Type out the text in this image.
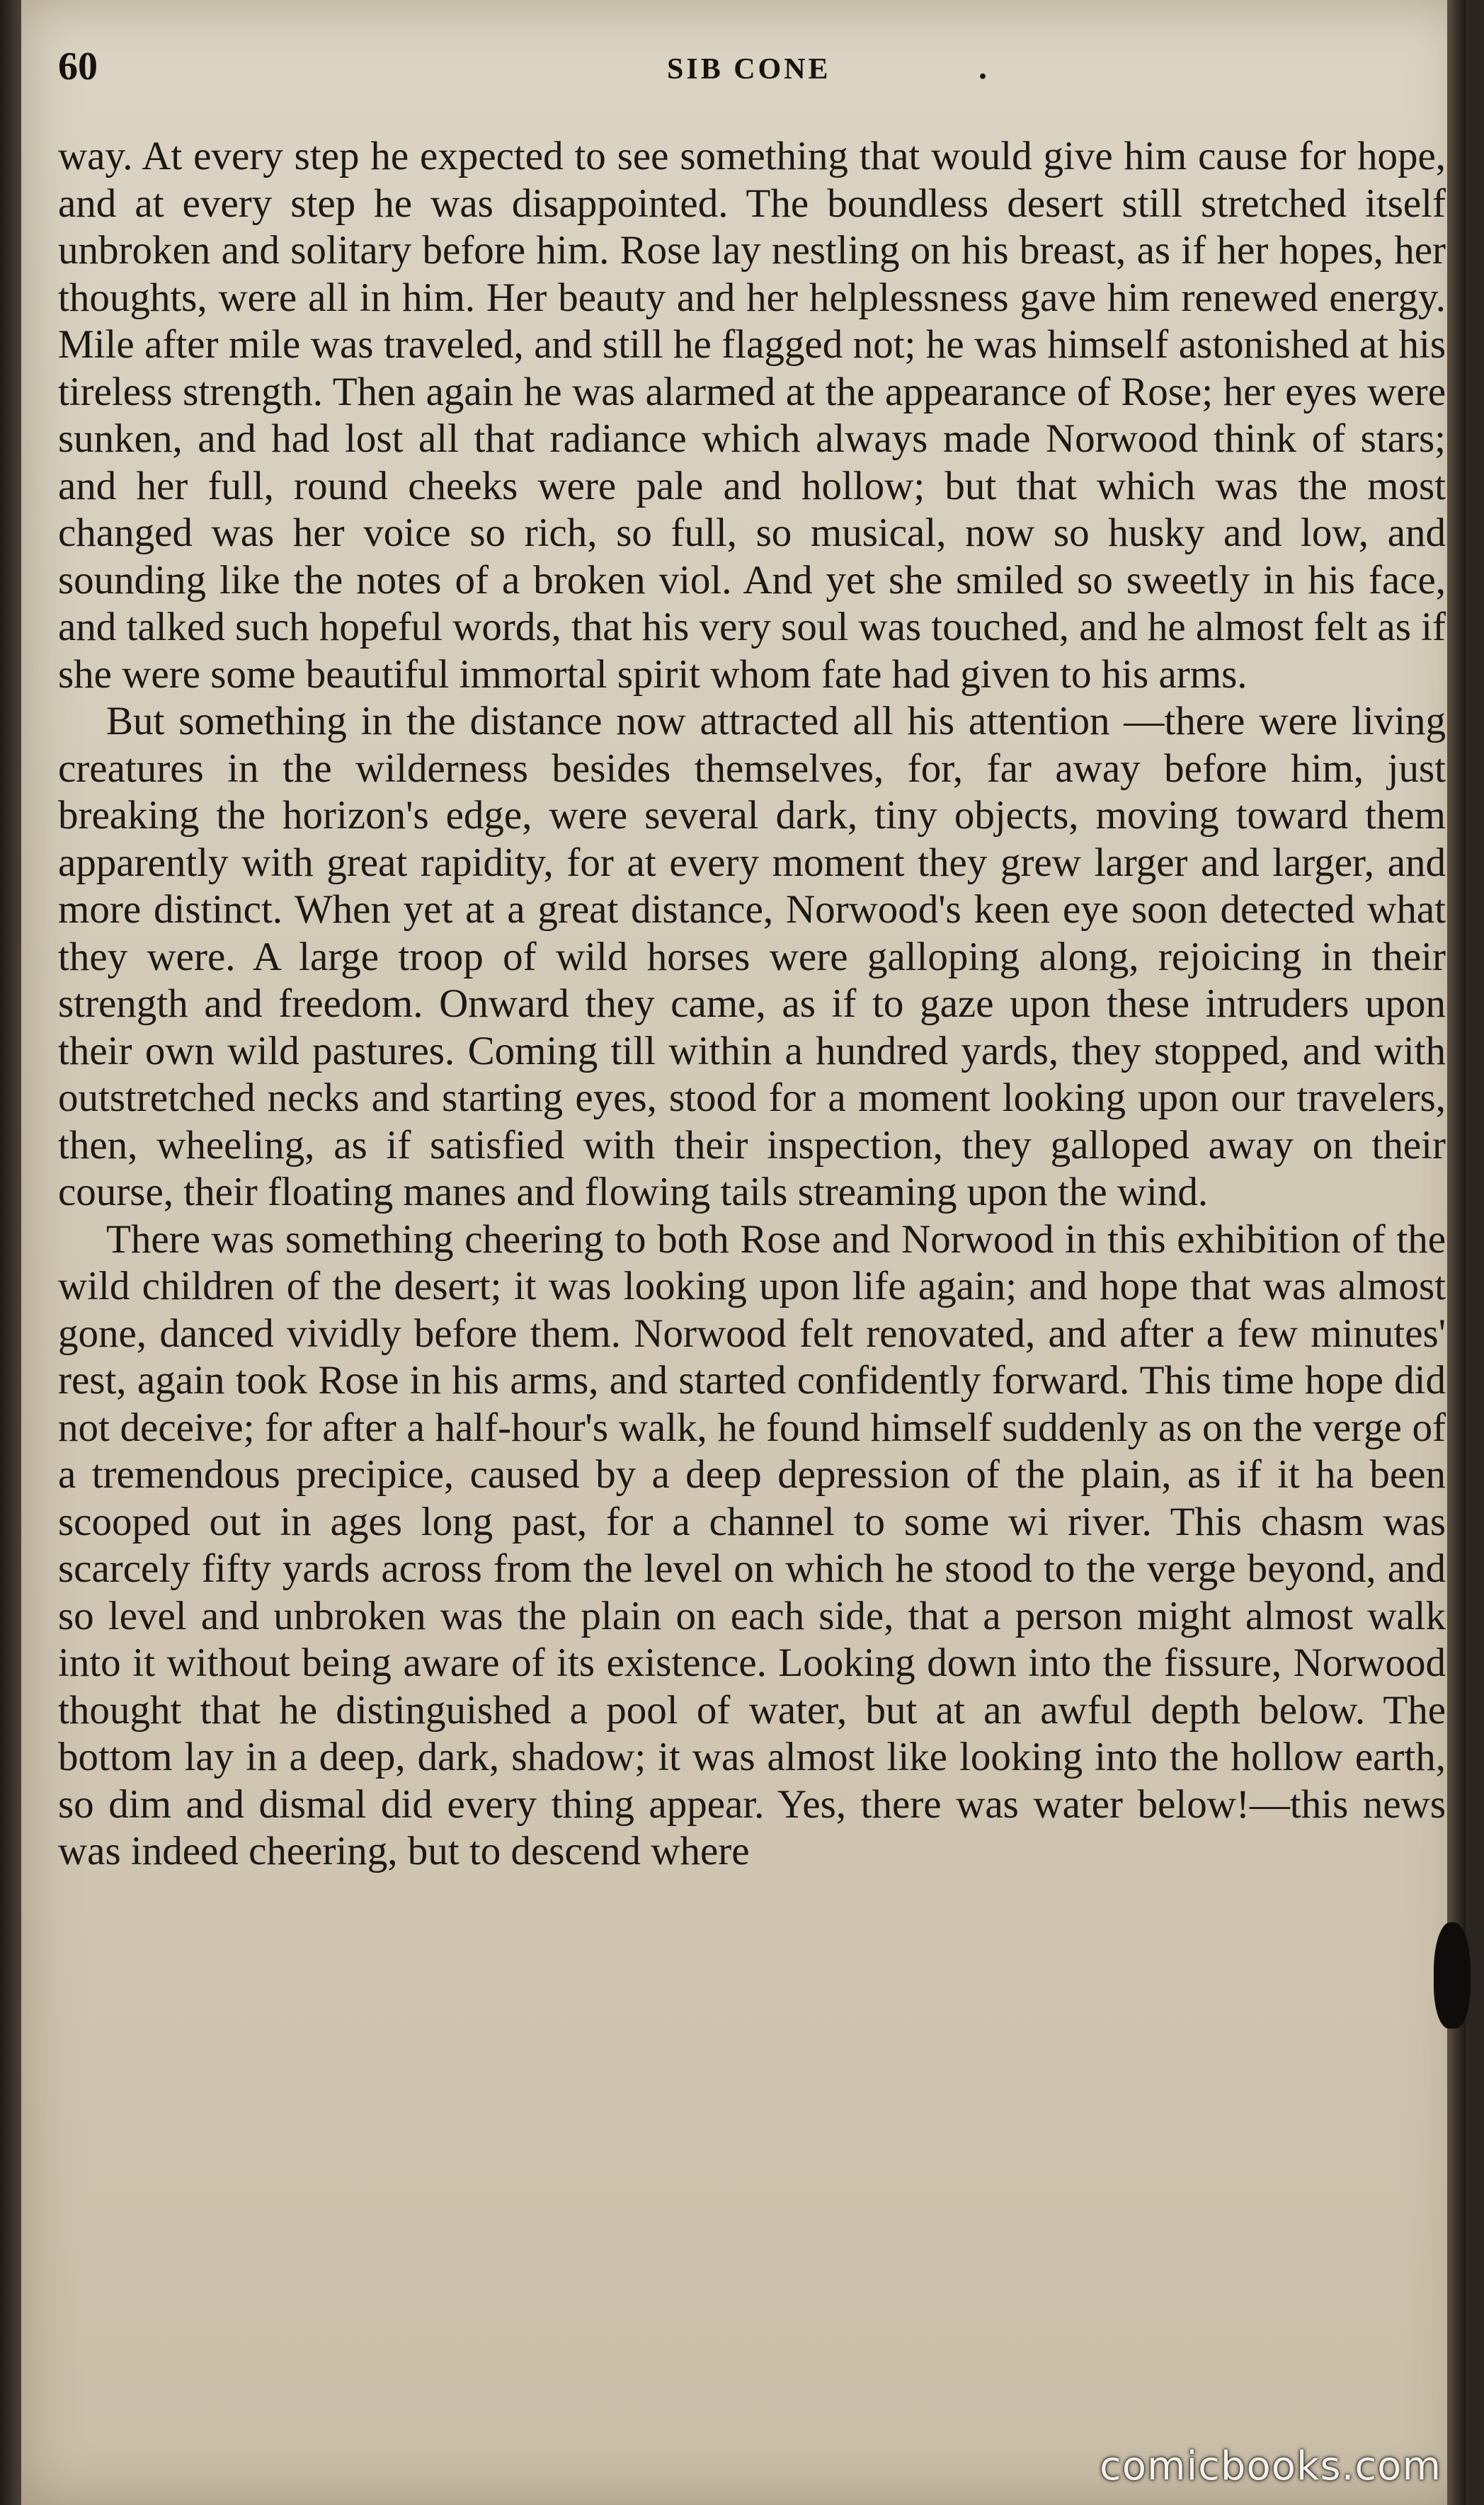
60	SIB CONE	.

way. At every step he expected to see something that would give him cause for hope, and at every step he was disappointed. The boundless desert still stretched itself unbroken and solitary before him. Rose lay nestling on his breast, as if her hopes, her thoughts, were all in him. Her beauty and her helplessness gave him renewed energy. Mile after mile was traveled, and still he flagged not; he was himself astonished at his tireless strength. Then again he was alarmed at the appearance of Rose; her eyes were sunken, and had lost all that radiance which always made Norwood think of stars; and her full, round cheeks were pale and hollow; but that which was the most changed was her voice so rich, so full, so musical, now so husky and low, and sounding like the notes of a broken viol. And yet she smiled so sweetly in his face, and talked such hopeful words, that his very soul was touched, and he almost felt as if she were some beautiful immortal spirit whom fate had given to his arms.

But something in the distance now attracted all his attention —there were living creatures in the wilderness besides themselves, for, far away before him, just breaking the horizon's edge, were several dark, tiny objects, moving toward them apparently with great rapidity, for at every moment they grew larger and larger, and more distinct. When yet at a great distance, Norwood's keen eye soon detected what they were. A large troop of wild horses were galloping along, rejoicing in their strength and freedom. Onward they came, as if to gaze upon these intruders upon their own wild pastures. Coming till within a hundred yards, they stopped, and with outstretched necks and starting eyes, stood for a moment looking upon our travelers, then, wheeling, as if satisfied with their inspection, they galloped away on their course, their floating manes and flowing tails streaming upon the wind.

There was something cheering to both Rose and Norwood in this exhibition of the wild children of the desert; it was looking upon life again; and hope that was almost gone, danced vividly before them. Norwood felt renovated, and after a few minutes' rest, again took Rose in his arms, and started confidently forward. This time hope did not deceive; for after a half-hour's walk, he found himself suddenly as on the verge of a tremendous precipice, caused by a deep depression of the plain, as if it ha been scooped out in ages long past, for a channel to some wi river. This chasm was scarcely fifty yards across from the level on which he stood to the verge beyond, and so level and unbroken was the plain on each side, that a person might almost walk into it without being aware of its existence. Looking down into the fissure, Norwood thought that he distinguished a pool of water, but at an awful depth below. The bottom lay in a deep, dark, shadow; it was almost like looking into the hollow earth, so dim and dismal did every thing appear. Yes, there was water below!—this news was indeed cheering, but to descend where

comicbooks.com
